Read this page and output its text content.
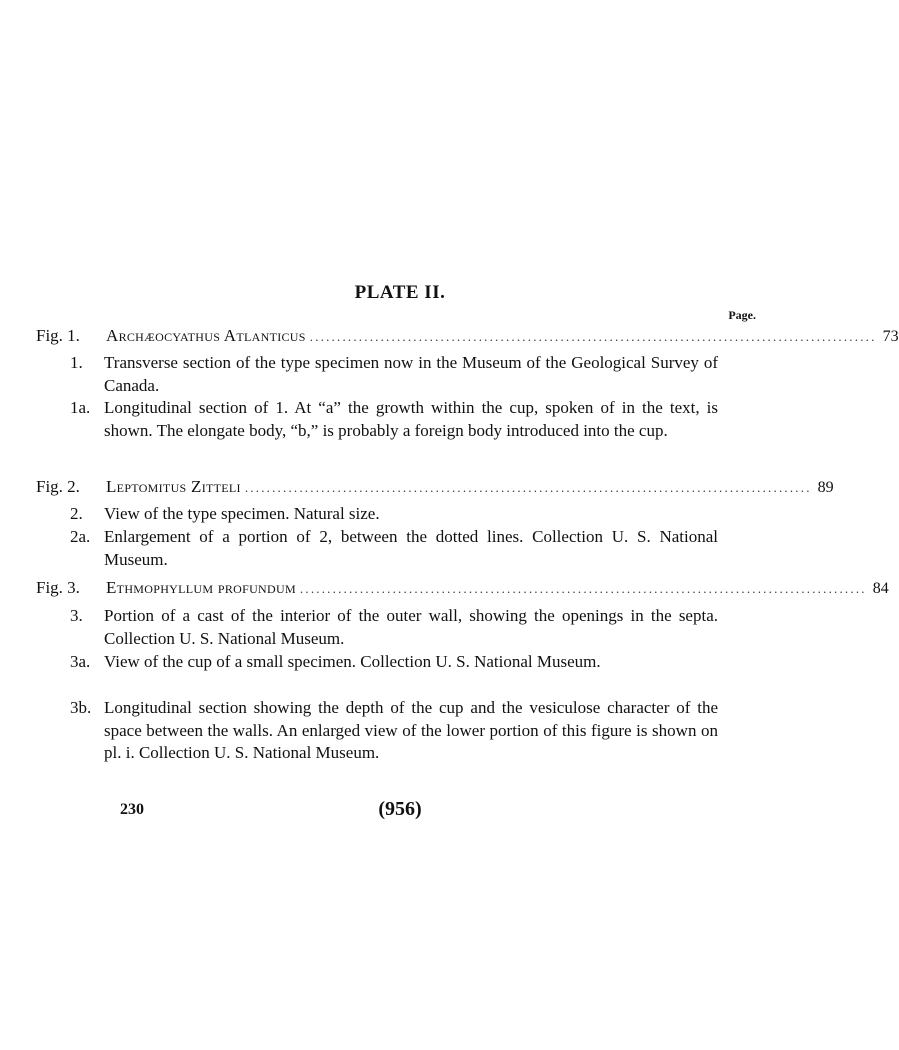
PLATE II.
Page.
Fig. 1.	Archæocyathus Atlanticus ........................................................................................................ 73
1.	Transverse section of the type specimen now in the Museum of the Geological Survey of Canada.
1a. Longitudinal section of 1. At “a” the growth within the cup, spoken of in the text, is shown. The elongate body, “b,” is probably a foreign body introduced into the cup.
Fig. 2.	Leptomitus Zitteli ........................................................................................................ 89
2.	View of the type specimen. Natural size.
2a. Enlargement of a portion of 2, between the dotted lines. Collection U. S. National Museum.
Fig. 3.	Ethmophyllum profundum ........................................................................................................ 84
3.	Portion of a cast of the interior of the outer wall, showing the openings in the septa. Collection U. S. National Museum.
3a. View of the cup of a small specimen. Collection U. S. National Museum.
3b. Longitudinal section showing the depth of the cup and the vesiculose character of the space between the walls. An enlarged view of the lower portion of this figure is shown on pl. i. Collection U. S. National Museum.
230	(956)
